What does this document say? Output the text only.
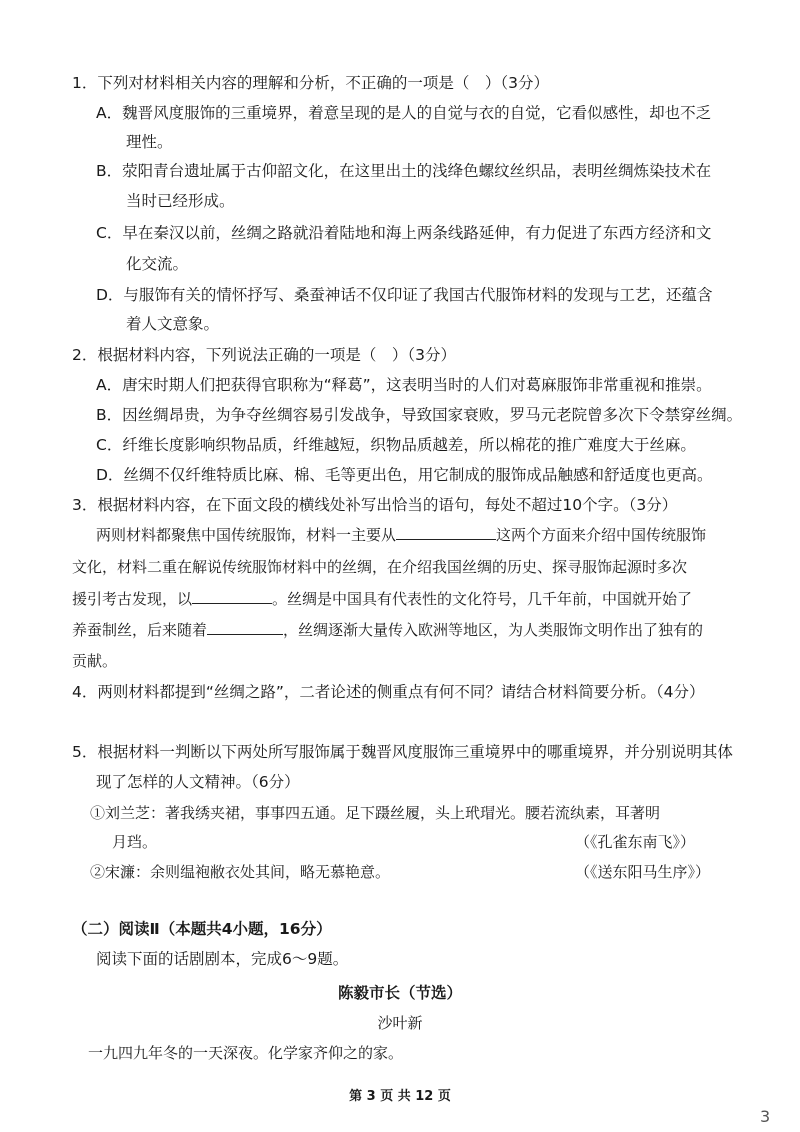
1．下列对材料相关内容的理解和分析，不正确的一项是（　）（3分）
A．魏晋风度服饰的三重境界，着意呈现的是人的自觉与衣的自觉，它看似感性，却也不乏
理性。
B．荥阳青台遗址属于古仰韶文化，在这里出土的浅绛色螺纹丝织品，表明丝绸炼染技术在
当时已经形成。
C．早在秦汉以前，丝绸之路就沿着陆地和海上两条线路延伸，有力促进了东西方经济和文
化交流。
D．与服饰有关的情怀抒写、桑蚕神话不仅印证了我国古代服饰材料的发现与工艺，还蕴含
着人文意象。
2．根据材料内容，下列说法正确的一项是（　）（3分）
A．唐宋时期人们把获得官职称为“释葛”，这表明当时的人们对葛麻服饰非常重视和推崇。
B．因丝绸昂贵，为争夺丝绸容易引发战争，导致国家衰败，罗马元老院曾多次下令禁穿丝绸。
C．纤维长度影响织物品质，纤维越短，织物品质越差，所以棉花的推广难度大于丝麻。
D．丝绸不仅纤维特质比麻、棉、毛等更出色，用它制成的服饰成品触感和舒适度也更高。
3．根据材料内容，在下面文段的横线处补写出恰当的语句，每处不超过10个字。（3分）
两则材料都聚焦中国传统服饰，材料一主要从	这两个方面来介绍中国传统服饰
文化，材料二重在解说传统服饰材料中的丝绸，在介绍我国丝绸的历史、探寻服饰起源时多次
援引考古发现，以	。丝绸是中国具有代表性的文化符号，几千年前，中国就开始了
养蚕制丝，后来随着	，丝绸逐渐大量传入欧洲等地区，为人类服饰文明作出了独有的
贡献。
4．两则材料都提到“丝绸之路”，二者论述的侧重点有何不同？请结合材料简要分析。（4分）
5．根据材料一判断以下两处所写服饰属于魏晋风度服饰三重境界中的哪重境界，并分别说明其体
现了怎样的人文精神。（6分）
①刘兰芝：著我绣夹裙，事事四五通。足下蹑丝履，头上玳瑁光。腰若流纨素，耳著明
月珰。	（《孔雀东南飞》）
②宋濂：余则缊袍敝衣处其间，略无慕艳意。	（《送东阳马生序》）
（二）阅读Ⅱ（本题共4小题，16分）
阅读下面的话剧剧本，完成6～9题。
陈毅市长（节选）
沙叶新
一九四九年冬的一天深夜。化学家齐仰之的家。
第 3 页 共 12 页
3
